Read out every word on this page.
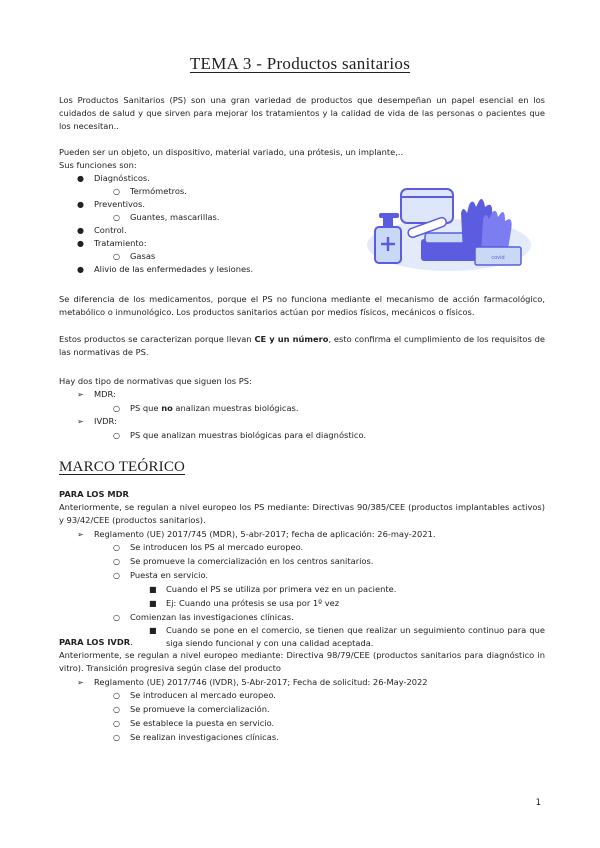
TEMA 3 - Productos sanitarios
Los Productos Sanitarios (PS) son una gran variedad de productos que desempeñan un papel esencial en los cuidados de salud y que sirven para mejorar los tratamientos y la calidad de vida de las personas o pacientes que los necesitan..
Pueden ser un objeto, un dispositivo, material variado, una prótesis, un implante,..
Sus funciones son:
● Diagnósticos.
○ Termómetros.
● Preventivos.
○ Guantes, mascarillas.
● Control.
● Tratamiento:
○ Gasas
● Alivio de las enfermedades y lesiones.
covid
Se diferencia de los medicamentos, porque el PS no funciona mediante el mecanismo de acción farmacológico, metabólico o inmunológico. Los productos sanitarios actúan por medios físicos, mecánicos o físicos.
Estos productos se caracterizan porque llevan CE y un número, esto confirma el cumplimiento de los requisitos de las normativas de PS.
Hay dos tipo de normativas que siguen los PS:
➢ MDR:
○ PS que no analizan muestras biológicas.
➢ IVDR:
○ PS que analizan muestras biológicas para el diagnóstico.
MARCO TEÓRICO
PARA LOS MDR
Anteriormente, se regulan a nivel europeo los PS mediante: Directivas 90/385/CEE (productos implantables activos) y 93/42/CEE (productos sanitarios).
➢ Reglamento (UE) 2017/745 (MDR), 5-abr-2017; fecha de aplicación: 26-may-2021.
○ Se introducen los PS al mercado europeo.
○ Se promueve la comercialización en los centros sanitarios.
○ Puesta en servicio.
■ Cuando el PS se utiliza por primera vez en un paciente.
■ Ej: Cuando una prótesis se usa por 1º vez
○ Comienzan las investigaciones clínicas.
■ Cuando se pone en el comercio, se tienen que realizar un seguimiento continuo para que siga siendo funcional y con una calidad aceptada.
PARA LOS IVDR.
Anteriormente, se regulan a nivel europeo mediante: Directiva 98/79/CEE (productos sanitarios para diagnóstico in vitro). Transición progresiva según clase del producto
➢ Reglamento (UE) 2017/746 (IVDR), 5-Abr-2017; Fecha de solicitud: 26-May-2022
○ Se introducen al mercado europeo.
○ Se promueve la comercialización.
○ Se establece la puesta en servicio.
○ Se realizan investigaciones clínicas.
1
